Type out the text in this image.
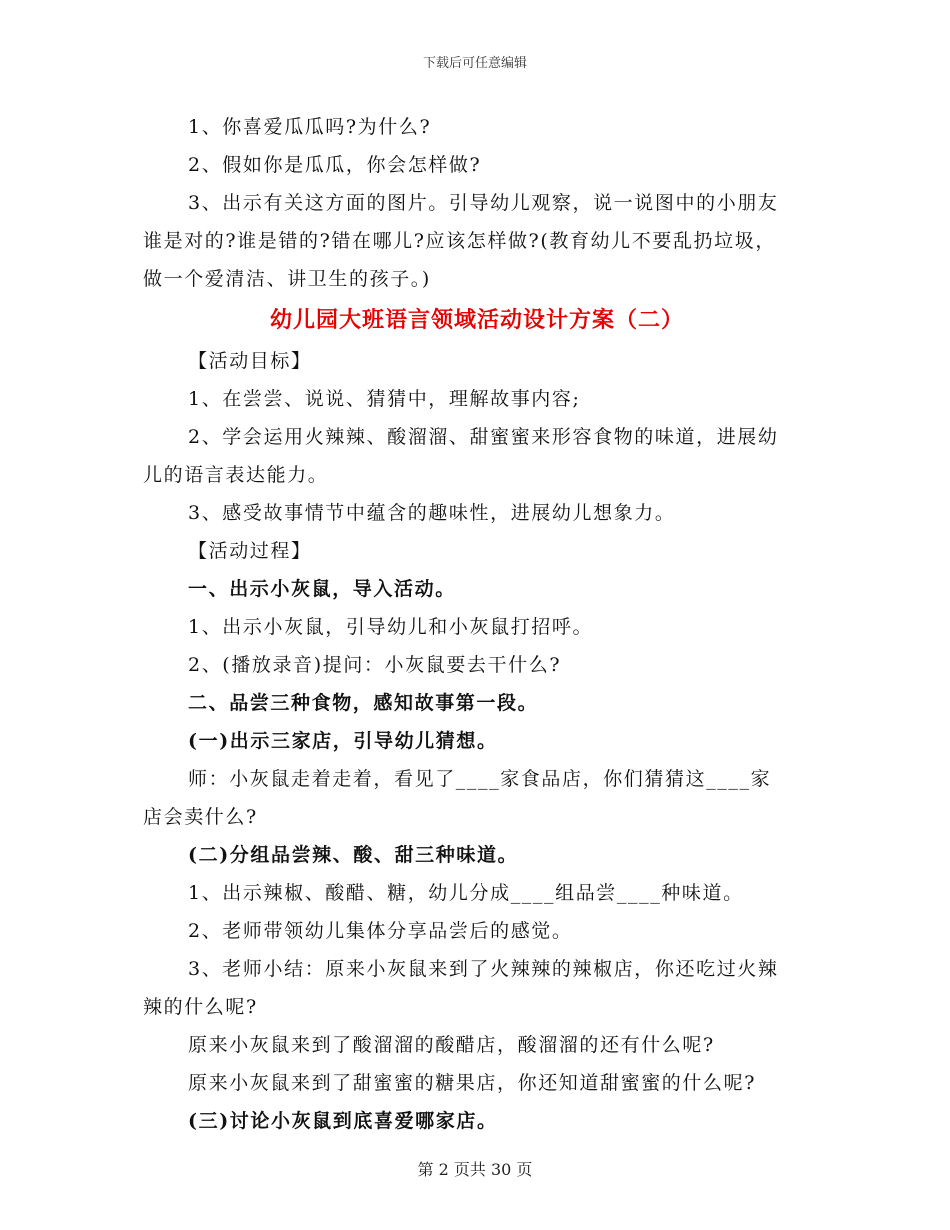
下载后可任意编辑
1、你喜爱瓜瓜吗?为什么?
2、假如你是瓜瓜，你会怎样做?
3、出示有关这方面的图片。引导幼儿观察，说一说图中的小朋友
谁是对的?谁是错的?错在哪儿?应该怎样做?(教育幼儿不要乱扔垃圾，
做一个爱清洁、讲卫生的孩子。)
幼儿园大班语言领域活动设计方案（二）
【活动目标】
1、在尝尝、说说、猜猜中，理解故事内容;
2、学会运用火辣辣、酸溜溜、甜蜜蜜来形容食物的味道，进展幼
儿的语言表达能力。
3、感受故事情节中蕴含的趣味性，进展幼儿想象力。
【活动过程】
一、出示小灰鼠，导入活动。
1、出示小灰鼠，引导幼儿和小灰鼠打招呼。
2、(播放录音)提问：小灰鼠要去干什么?
二、品尝三种食物，感知故事第一段。
(一)出示三家店，引导幼儿猜想。
师：小灰鼠走着走着，看见了____家食品店，你们猜猜这____家
店会卖什么?
(二)分组品尝辣、酸、甜三种味道。
1、出示辣椒、酸醋、糖，幼儿分成____组品尝____种味道。
2、老师带领幼儿集体分享品尝后的感觉。
3、老师小结：原来小灰鼠来到了火辣辣的辣椒店，你还吃过火辣
辣的什么呢?
原来小灰鼠来到了酸溜溜的酸醋店，酸溜溜的还有什么呢?
原来小灰鼠来到了甜蜜蜜的糖果店，你还知道甜蜜蜜的什么呢?
(三)讨论小灰鼠到底喜爱哪家店。
第 2 页共 30 页
